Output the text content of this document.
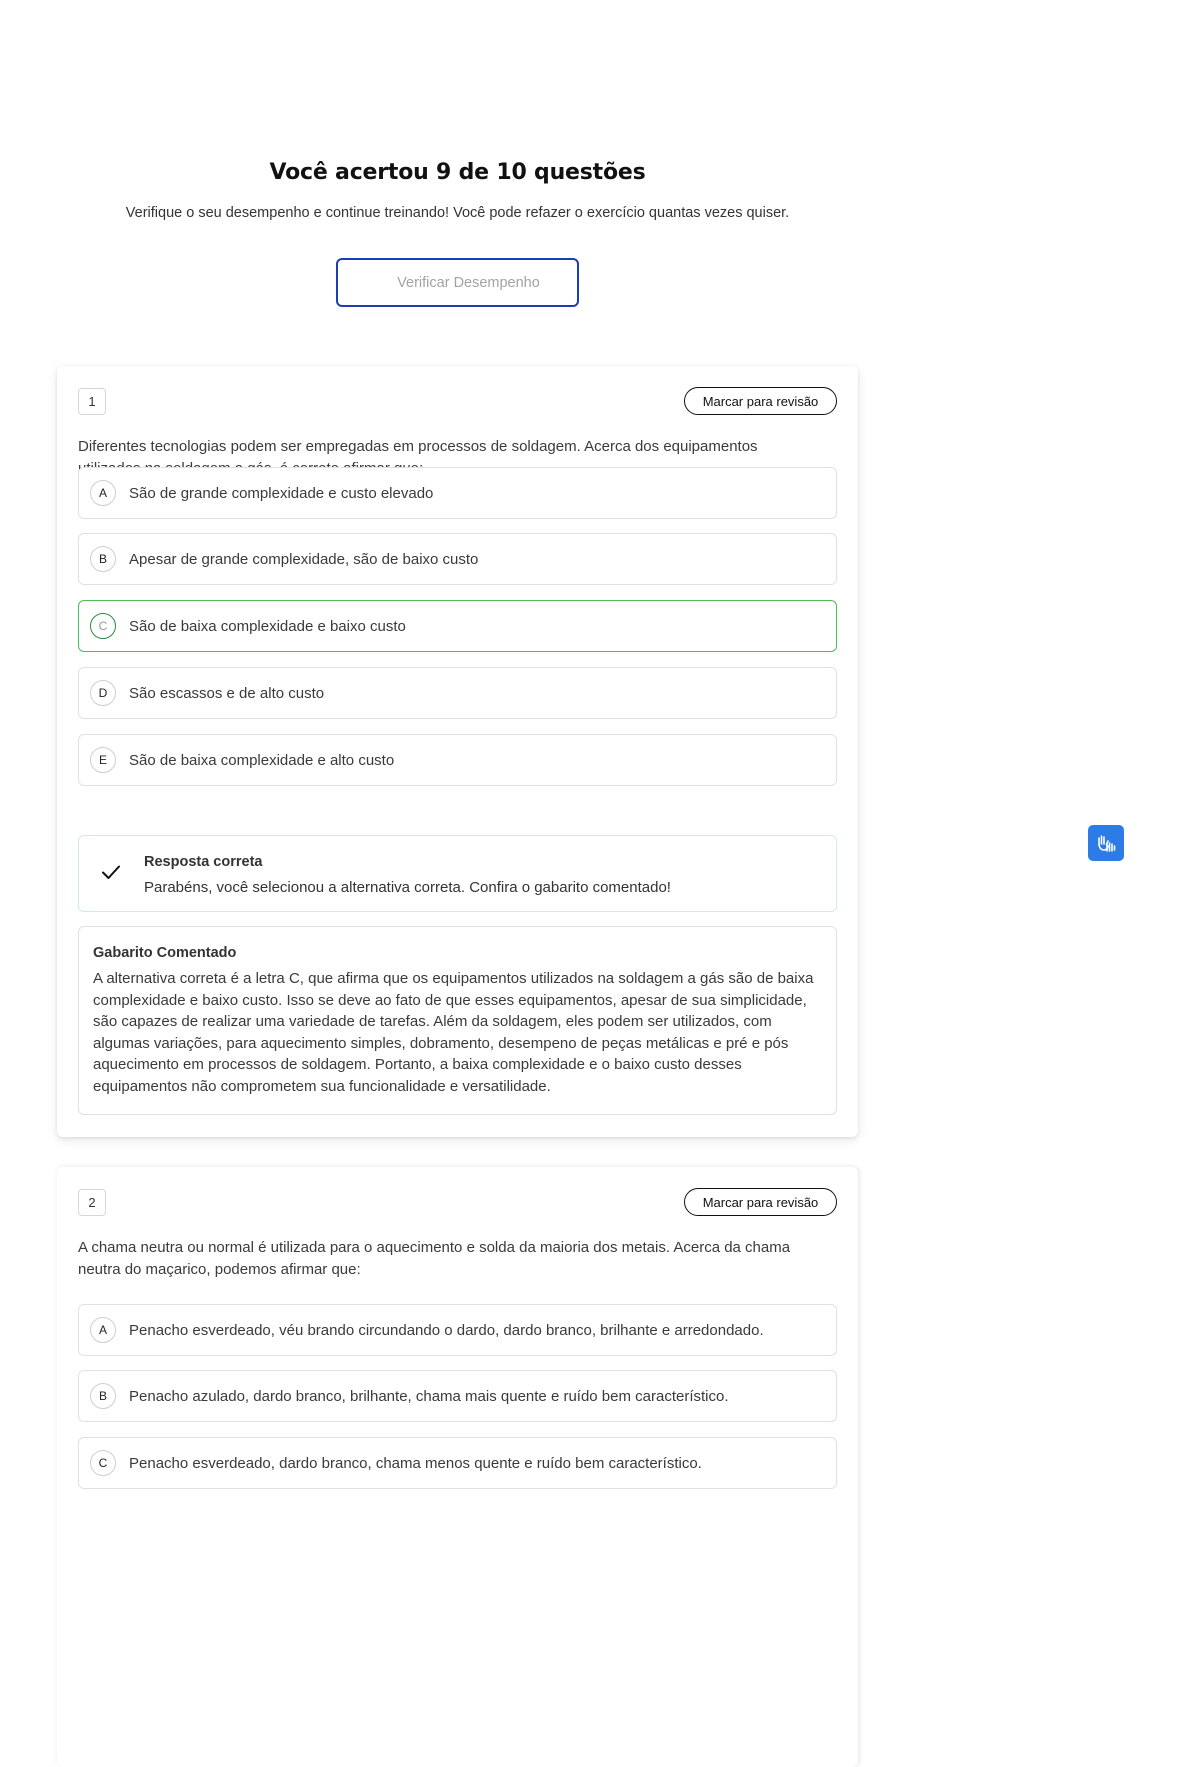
Você acertou 9 de 10 questões

Verifique o seu desempenho e continue treinando! Você pode refazer o exercício quantas vezes quiser.

Verificar Desempenho
1	Marcar para revisão
Diferentes tecnologias podem ser empregadas em processos de soldagem. Acerca dos equipamentos
A	São de grande complexidade e custo elevado
B	Apesar de grande complexidade, são de baixo custo
C	São de baixa complexidade e baixo custo
D	São escassos e de alto custo
E	São de baixa complexidade e alto custo
Resposta correta
Parabéns, você selecionou a alternativa correta. Confira o gabarito comentado!
Gabarito Comentado
A alternativa correta é a letra C, que afirma que os equipamentos utilizados na soldagem a gás são de baixa complexidade e baixo custo. Isso se deve ao fato de que esses equipamentos, apesar de sua simplicidade, são capazes de realizar uma variedade de tarefas. Além da soldagem, eles podem ser utilizados, com algumas variações, para aquecimento simples, dobramento, desempeno de peças metálicas e pré e pós aquecimento em processos de soldagem. Portanto, a baixa complexidade e o baixo custo desses equipamentos não comprometem sua funcionalidade e versatilidade.
2	Marcar para revisão
A chama neutra ou normal é utilizada para o aquecimento e solda da maioria dos metais. Acerca da chama neutra do maçarico, podemos afirmar que:
A	Penacho esverdeado, véu brando circundando o dardo, dardo branco, brilhante e arredondado.
B	Penacho azulado, dardo branco, brilhante, chama mais quente e ruído bem característico.
C	Penacho esverdeado, dardo branco, chama menos quente e ruído bem característico.
